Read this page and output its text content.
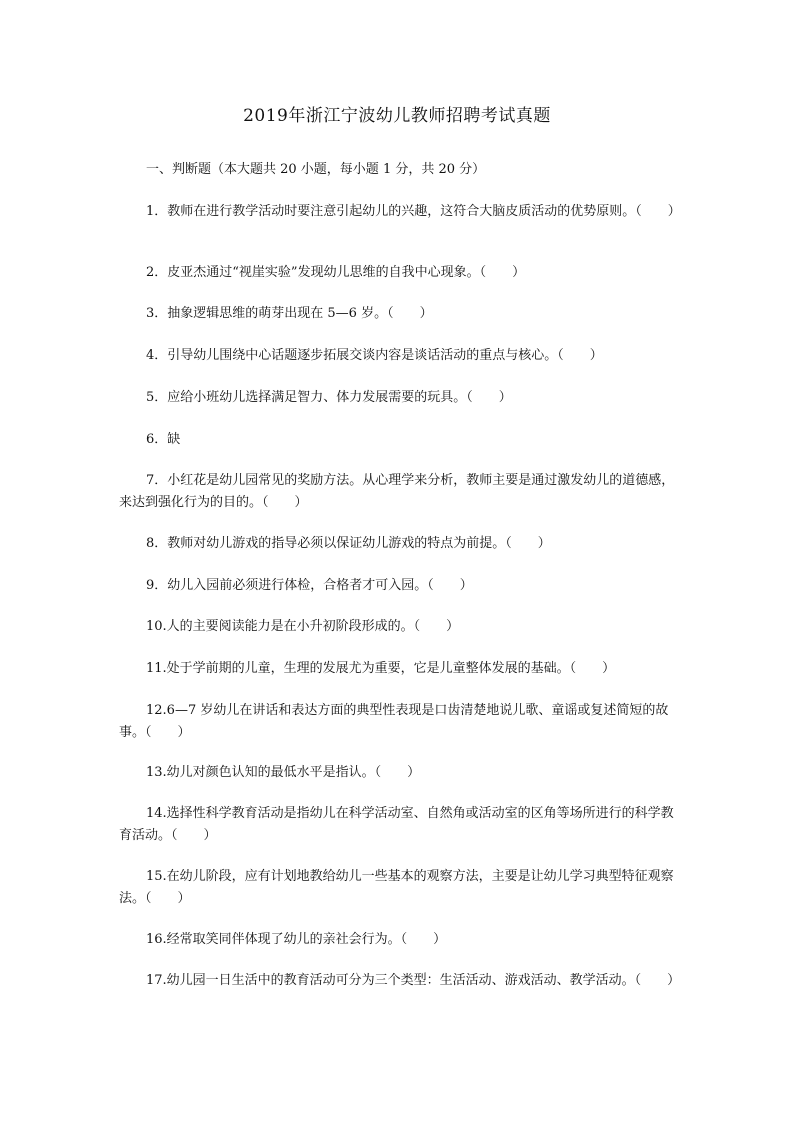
2019年浙江宁波幼儿教师招聘考试真题

一、判断题（本大题共 20 小题，每小题 1 分，共 20 分）

1．教师在进行教学活动时要注意引起幼儿的兴趣，这符合大脑皮质活动的优势原则。（　　）

2．皮亚杰通过“视崖实验”发现幼儿思维的自我中心现象。（　　）

3．抽象逻辑思维的萌芽出现在 5—6 岁。（　　）

4．引导幼儿围绕中心话题逐步拓展交谈内容是谈话活动的重点与核心。（　　）

5．应给小班幼儿选择满足智力、体力发展需要的玩具。（　　）

6．缺

7．小红花是幼儿园常见的奖励方法。从心理学来分析，教师主要是通过激发幼儿的道德感，来达到强化行为的目的。（　　）

8．教师对幼儿游戏的指导必须以保证幼儿游戏的特点为前提。（　　）

9．幼儿入园前必须进行体检，合格者才可入园。（　　）

10.人的主要阅读能力是在小升初阶段形成的。（　　）

11.处于学前期的儿童，生理的发展尤为重要，它是儿童整体发展的基础。（　　）

12.6—7 岁幼儿在讲话和表达方面的典型性表现是口齿清楚地说儿歌、童谣或复述简短的故事。（　　）

13.幼儿对颜色认知的最低水平是指认。（　　）

14.选择性科学教育活动是指幼儿在科学活动室、自然角或活动室的区角等场所进行的科学教育活动。（　　）

15.在幼儿阶段，应有计划地教给幼儿一些基本的观察方法，主要是让幼儿学习典型特征观察法。（　　）

16.经常取笑同伴体现了幼儿的亲社会行为。（　　）

17.幼儿园一日生活中的教育活动可分为三个类型：生活活动、游戏活动、教学活动。（　　）
